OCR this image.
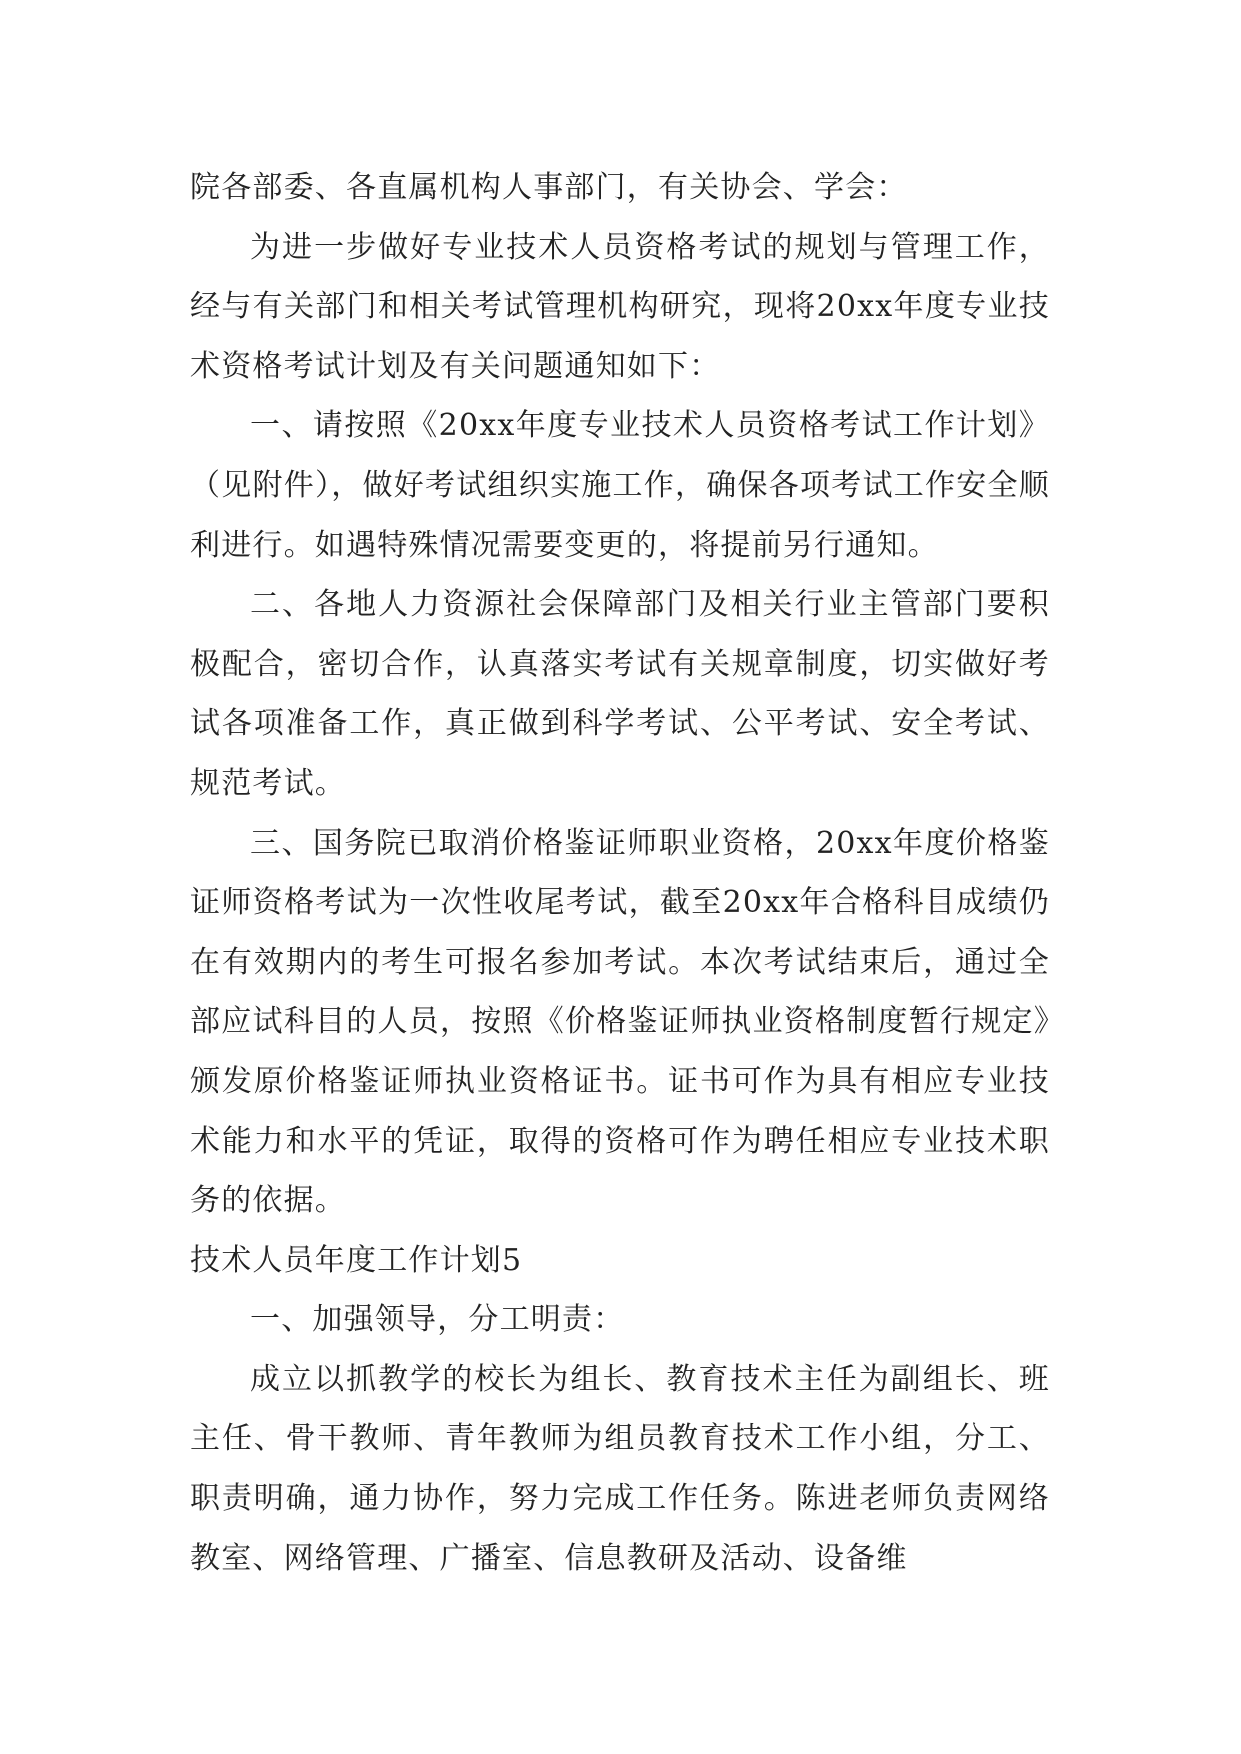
院各部委、各直属机构人事部门，有关协会、学会：

为进一步做好专业技术人员资格考试的规划与管理工作，经与有关部门和相关考试管理机构研究，现将20xx年度专业技术资格考试计划及有关问题通知如下：

一、请按照《20xx年度专业技术人员资格考试工作计划》（见附件），做好考试组织实施工作，确保各项考试工作安全顺利进行。如遇特殊情况需要变更的，将提前另行通知。

二、各地人力资源社会保障部门及相关行业主管部门要积极配合，密切合作，认真落实考试有关规章制度，切实做好考试各项准备工作，真正做到科学考试、公平考试、安全考试、规范考试。

三、国务院已取消价格鉴证师职业资格，20xx年度价格鉴证师资格考试为一次性收尾考试，截至20xx年合格科目成绩仍在有效期内的考生可报名参加考试。本次考试结束后，通过全部应试科目的人员，按照《价格鉴证师执业资格制度暂行规定》颁发原价格鉴证师执业资格证书。证书可作为具有相应专业技术能力和水平的凭证，取得的资格可作为聘任相应专业技术职务的依据。

技术人员年度工作计划5

一、加强领导，分工明责：

成立以抓教学的校长为组长、教育技术主任为副组长、班主任、骨干教师、青年教师为组员教育技术工作小组，分工、职责明确，通力协作，努力完成工作任务。陈进老师负责网络教室、网络管理、广播室、信息教研及活动、设备维
